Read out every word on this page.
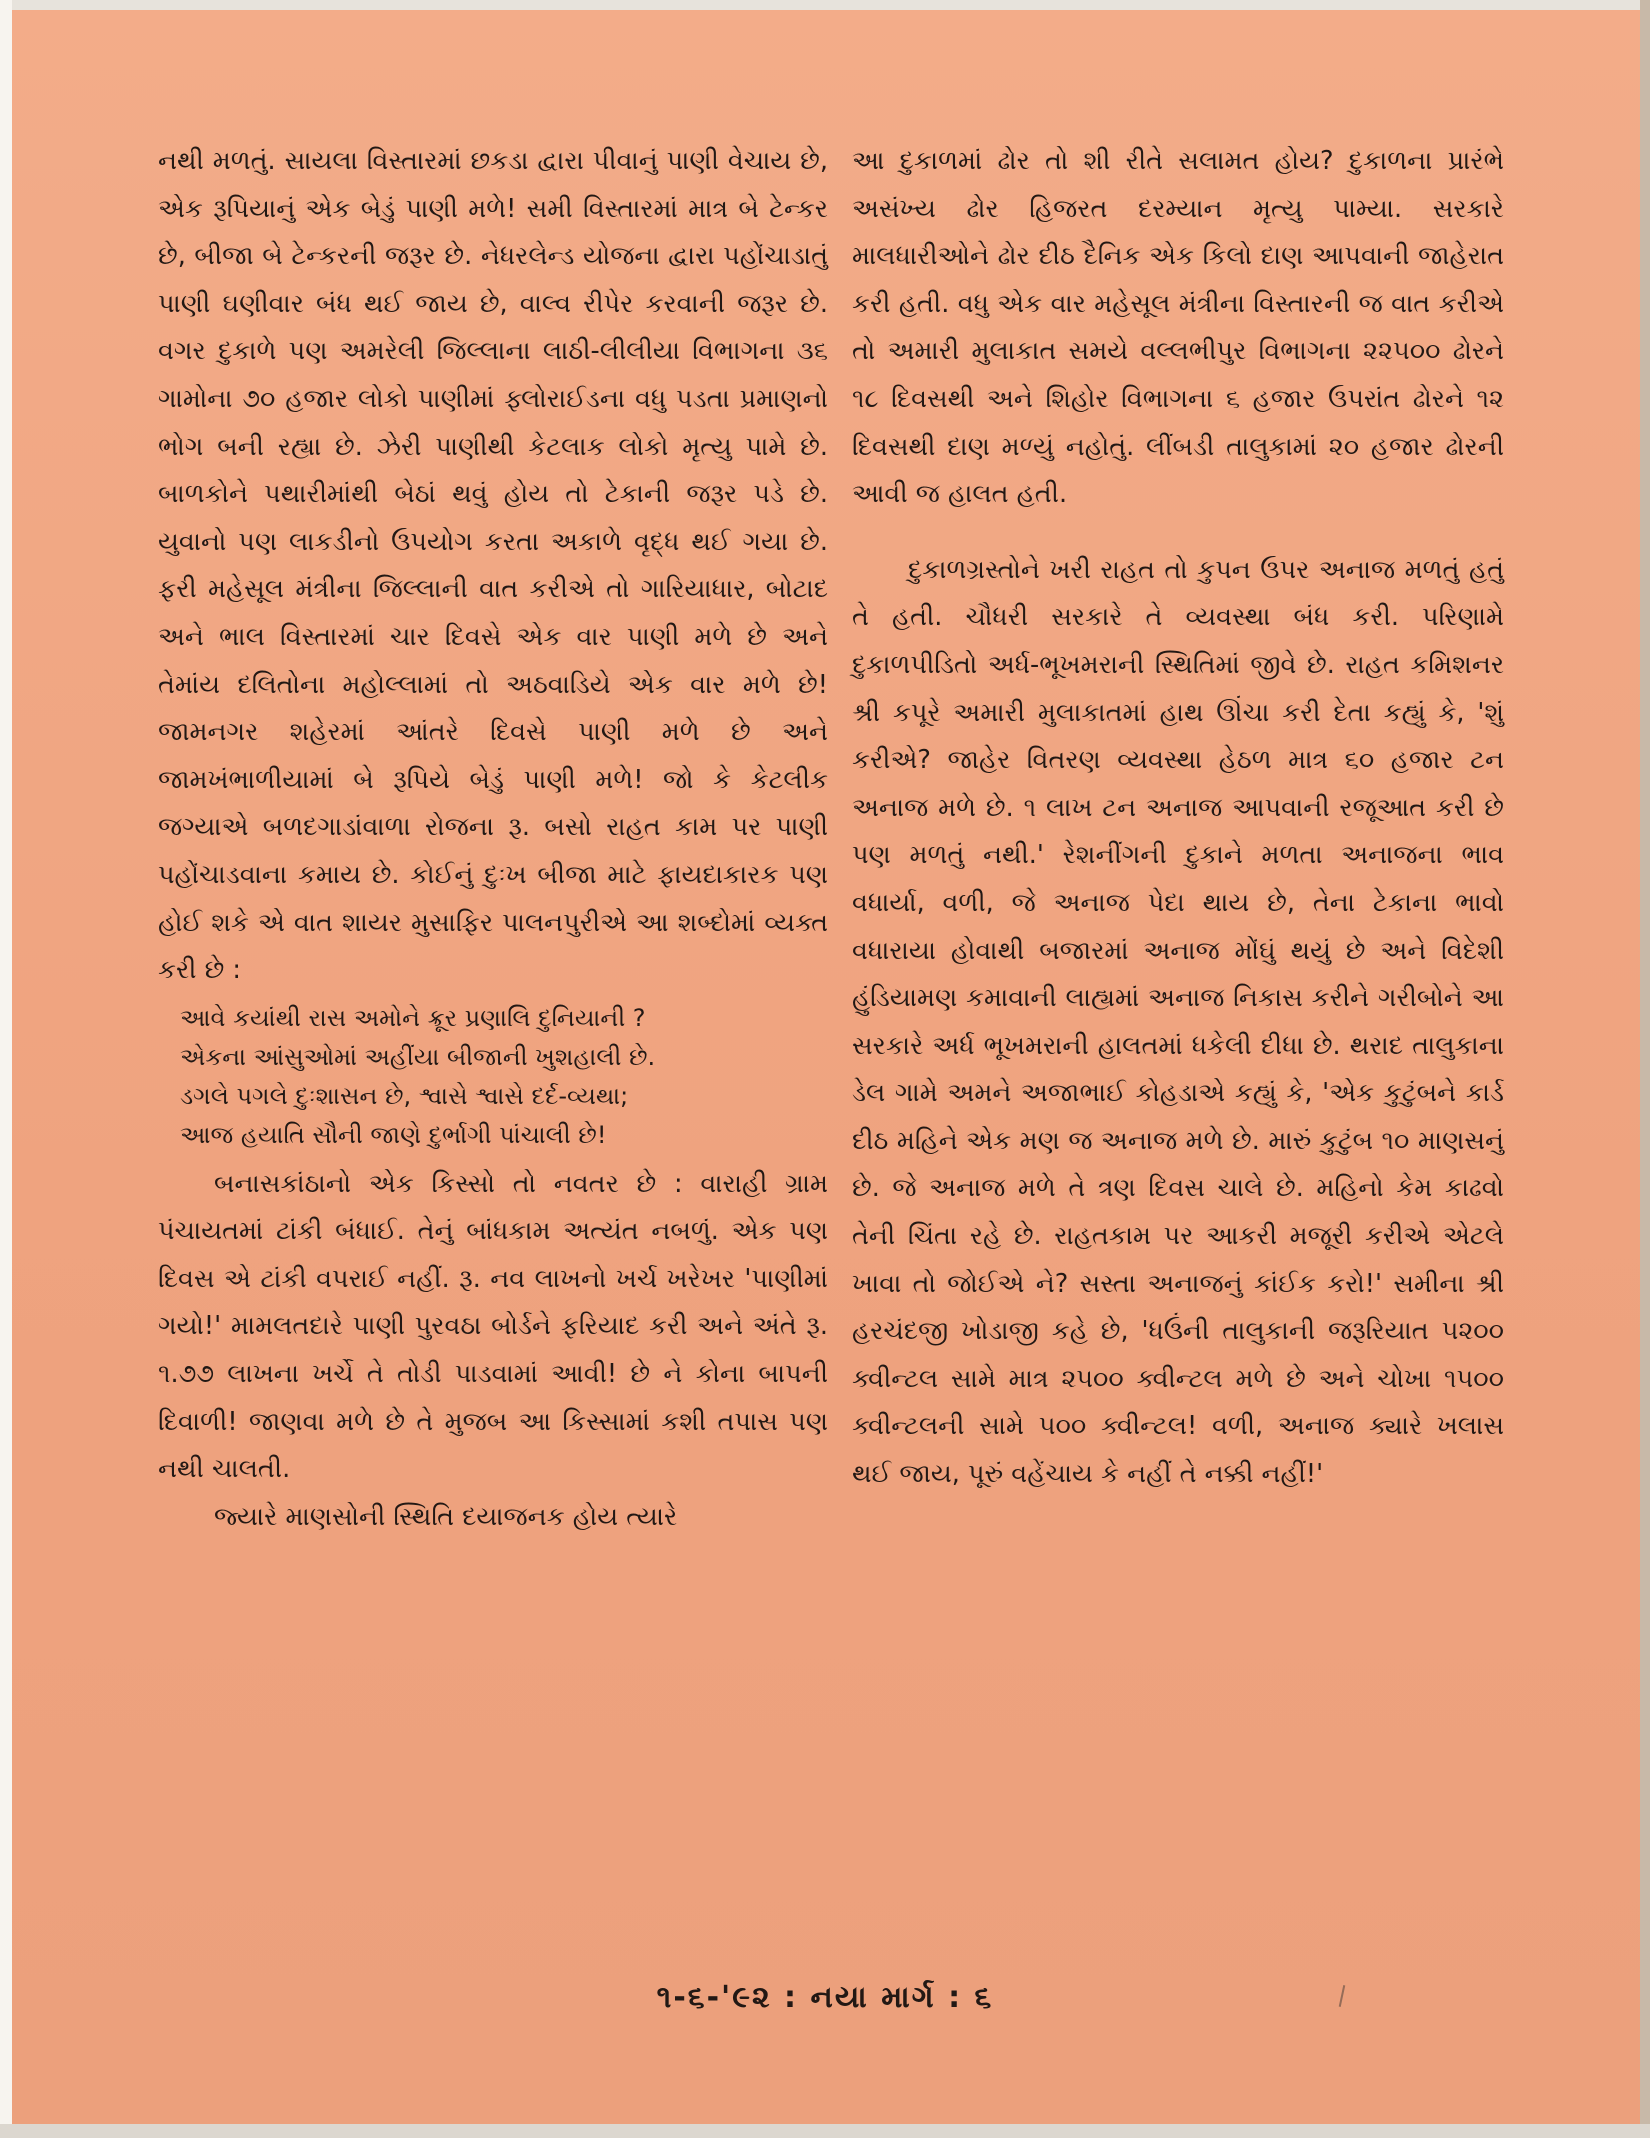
નથી મળતું. સાયલા વિસ્તારમાં છકડા દ્વારા પીવાનું પાણી વેચાય છે, એક રૂપિયાનું એક બેડું પાણી મળે! સમી વિસ્તારમાં માત્ર બે ટેન્કર છે, બીજા બે ટેન્કરની જરૂર છે. નેધરલેન્ડ યોજના દ્વારા પહોંચાડાતું પાણી ઘણીવાર બંધ થઈ જાય છે, વાલ્વ રીપેર કરવાની જરૂર છે. વગર દુકાળે પણ અમરેલી જિલ્લાના લાઠી-લીલીયા વિભાગના ૩૬ ગામોના ૭૦ હજાર લોકો પાણીમાં ફ્લોરાઈડના વધુ પડતા પ્રમાણનો ભોગ બની રહ્યા છે. ઝેરી પાણીથી કેટલાક લોકો મૃત્યુ પામે છે. બાળકોને પથારીમાંથી બેઠાં થવું હોય તો ટેકાની જરૂર પડે છે. યુવાનો પણ લાકડીનો ઉપયોગ કરતા અકાળે વૃદ્ધ થઈ ગયા છે. ફરી મહેસૂલ મંત્રીના જિલ્લાની વાત કરીએ તો ગારિયાધાર, બોટાદ અને ભાલ વિસ્તારમાં ચાર દિવસે એક વાર પાણી મળે છે અને તેમાંય દલિતોના મહોલ્લામાં તો અઠવાડિયે એક વાર મળે છે! જામનગર શહેરમાં આંતરે દિવસે પાણી મળે છે અને જામખંભાળીયામાં બે રૂપિયે બેડું પાણી મળે! જો કે કેટલીક જગ્યાએ બળદગાડાંવાળા રોજના રૂ. બસો રાહત કામ પર પાણી પહોંચાડવાના કમાય છે. કોઈનું દુઃખ બીજા માટે ફાયદાકારક પણ હોઈ શકે એ વાત શાયર મુસાફિર પાલનપુરીએ આ શબ્દોમાં વ્યક્ત કરી છે :

આવે કયાંથી રાસ અમોને ક્રૂર પ્રણાલિ દુનિયાની ?

એકના આંસુઓમાં અહીંયા બીજાની ખુશહાલી છે.

ડગલે પગલે દુઃશાસન છે, શ્વાસે શ્વાસે દર્દ-વ્યથા;

આજ હયાતિ સૌની જાણે દુર્ભાગી પાંચાલી છે!

બનાસકાંઠાનો એક કિસ્સો તો નવતર છે : વારાહી ગ્રામ પંચાયતમાં ટાંકી બંધાઈ. તેનું બાંધકામ અત્યંત નબળું. એક પણ દિવસ એ ટાંકી વપરાઈ નહીં. રૂ. નવ લાખનો ખર્ચ ખરેખર 'પાણીમાં ગયો!' મામલતદારે પાણી પુરવઠા બોર્ડને ફરિયાદ કરી અને અંતે રૂ. ૧.૭૭ લાખના ખર્ચે તે તોડી પાડવામાં આવી! છે ને કોના બાપની દિવાળી! જાણવા મળે છે તે મુજબ આ કિસ્સામાં કશી તપાસ પણ નથી ચાલતી.

જ્યારે માણસોની સ્થિતિ દયાજનક હોય ત્યારે

આ દુકાળમાં ઢોર તો શી રીતે સલામત હોય? દુકાળના પ્રારંભે અસંખ્ય ઢોર હિજરત દરમ્યાન મૃત્યુ પામ્યા. સરકારે માલધારીઓને ઢોર દીઠ દૈનિક એક કિલો દાણ આપવાની જાહેરાત કરી હતી. વધુ એક વાર મહેસૂલ મંત્રીના વિસ્તારની જ વાત કરીએ તો અમારી મુલાકાત સમયે વલ્લભીપુર વિભાગના ૨૨૫૦૦ ઢોરને ૧૮ દિવસથી અને શિહોર વિભાગના ૬ હજાર ઉપરાંત ઢોરને ૧૨ દિવસથી દાણ મળ્યું નહોતું. લીંબડી તાલુકામાં ૨૦ હજાર ઢોરની આવી જ હાલત હતી.

દુકાળગ્રસ્તોને ખરી રાહત તો કુપન ઉપર અનાજ મળતું હતું તે હતી. ચૌધરી સરકારે તે વ્યવસ્થા બંધ કરી. પરિણામે દુકાળપીડિતો અર્ધ-ભૂખમરાની સ્થિતિમાં જીવે છે. રાહત કમિશનર શ્રી કપૂરે અમારી મુલાકાતમાં હાથ ઊંચા કરી દેતા કહ્યું કે, 'શું કરીએ? જાહેર વિતરણ વ્યવસ્થા હેઠળ માત્ર ૬૦ હજાર ટન અનાજ મળે છે. ૧ લાખ ટન અનાજ આપવાની રજૂઆત કરી છે પણ મળતું નથી.' રેશનીંગની દુકાને મળતા અનાજના ભાવ વધાર્યા, વળી, જે અનાજ પેદા થાય છે, તેના ટેકાના ભાવો વધારાયા હોવાથી બજારમાં અનાજ મોંઘું થયું છે અને વિદેશી હુંડિયામણ કમાવાની લાહ્યમાં અનાજ નિકાસ કરીને ગરીબોને આ સરકારે અર્ધ ભૂખમરાની હાલતમાં ધકેલી દીધા છે. થરાદ તાલુકાના ડેલ ગામે અમને અજાભાઈ કોહડાએ કહ્યું કે, 'એક કુટુંબને કાર્ડ દીઠ મહિને એક મણ જ અનાજ મળે છે. મારું કુટુંબ ૧૦ માણસનું છે. જે અનાજ મળે તે ત્રણ દિવસ ચાલે છે. મહિનો કેમ કાઢવો તેની ચિંતા રહે છે. રાહતકામ પર આકરી મજૂરી કરીએ એટલે ખાવા તો જોઈએ ને? સસ્તા અનાજનું કાંઈક કરો!' સમીના શ્રી હરચંદજી ખોડાજી કહે છે, 'ધઉંની તાલુકાની જરૂરિયાત ૫૨૦૦ ક્વીન્ટલ સામે માત્ર ૨૫૦૦ ક્વીન્ટલ મળે છે અને ચોખા ૧૫૦૦ ક્વીન્ટલની સામે ૫૦૦ ક્વીન્ટલ! વળી, અનાજ ક્યારે ખલાસ થઈ જાય, પૂરું વહેંચાય કે નહીં તે નક્કી નહીં!'

૧-૬-'૯૨ : નયા માર્ગ : ૬
